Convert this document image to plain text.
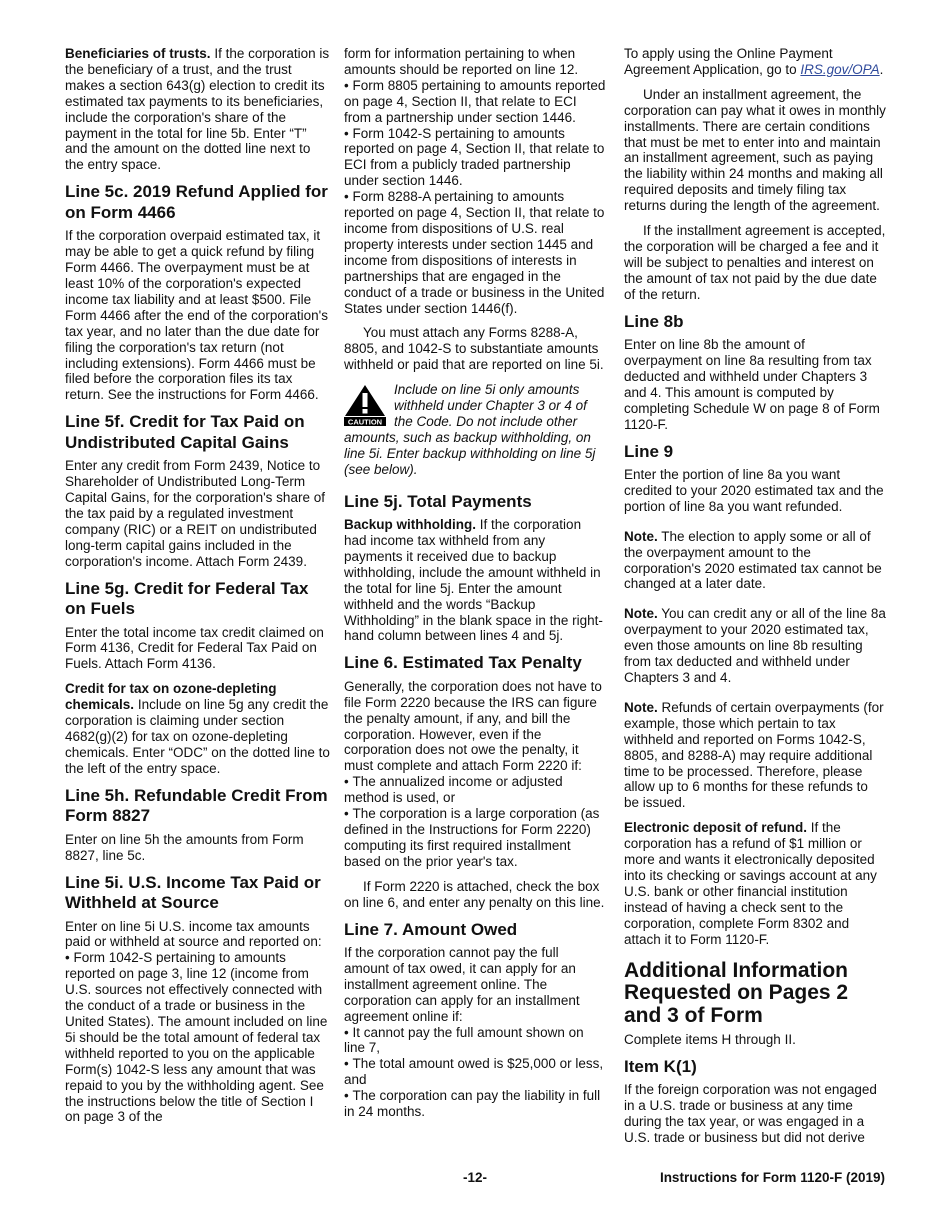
Beneficiaries of trusts. If the corporation is the beneficiary of a trust, and the trust makes a section 643(g) election to credit its estimated tax payments to its beneficiaries, include the corporation's share of the payment in the total for line 5b. Enter “T” and the amount on the dotted line next to the entry space.

Line 5c. 2019 Refund Applied for on Form 4466

If the corporation overpaid estimated tax, it may be able to get a quick refund by filing Form 4466. The overpayment must be at least 10% of the corporation's expected income tax liability and at least $500. File Form 4466 after the end of the corporation's tax year, and no later than the due date for filing the corporation's tax return (not including extensions). Form 4466 must be filed before the corporation files its tax return. See the instructions for Form 4466.

Line 5f. Credit for Tax Paid on Undistributed Capital Gains

Enter any credit from Form 2439, Notice to Shareholder of Undistributed Long-Term Capital Gains, for the corporation's share of the tax paid by a regulated investment company (RIC) or a REIT on undistributed long-term capital gains included in the corporation's income. Attach Form 2439.

Line 5g. Credit for Federal Tax on Fuels

Enter the total income tax credit claimed on Form 4136, Credit for Federal Tax Paid on Fuels. Attach Form 4136.

Credit for tax on ozone-depleting chemicals. Include on line 5g any credit the corporation is claiming under section 4682(g)(2) for tax on ozone-depleting chemicals. Enter “ODC” on the dotted line to the left of the entry space.

Line 5h. Refundable Credit From Form 8827

Enter on line 5h the amounts from Form 8827, line 5c.

Line 5i. U.S. Income Tax Paid or Withheld at Source

Enter on line 5i U.S. income tax amounts paid or withheld at source and reported on:

• Form 1042-S pertaining to amounts reported on page 3, line 12 (income from U.S. sources not effectively connected with the conduct of a trade or business in the United States). The amount included on line 5i should be the total amount of federal tax withheld reported to you on the applicable Form(s) 1042-S less any amount that was repaid to you by the withholding agent. See the instructions below the title of Section I on page 3 of the

form for information pertaining to when amounts should be reported on line 12.

• Form 8805 pertaining to amounts reported on page 4, Section II, that relate to ECI from a partnership under section 1446.

• Form 1042-S pertaining to amounts reported on page 4, Section II, that relate to ECI from a publicly traded partnership under section 1446.

• Form 8288-A pertaining to amounts reported on page 4, Section II, that relate to income from dispositions of U.S. real property interests under section 1445 and income from dispositions of interests in partnerships that are engaged in the conduct of a trade or business in the United States under section 1446(f).

You must attach any Forms 8288-A, 8805, and 1042-S to substantiate amounts withheld or paid that are reported on line 5i.

CAUTION
Include on line 5i only amounts withheld under Chapter 3 or 4 of the Code. Do not include other amounts, such as backup withholding, on line 5i. Enter backup withholding on line 5j (see below).
Line 5j. Total Payments

Backup withholding. If the corporation had income tax withheld from any payments it received due to backup withholding, include the amount withheld in the total for line 5j. Enter the amount withheld and the words “Backup Withholding” in the blank space in the right-hand column between lines 4 and 5j.

Line 6. Estimated Tax Penalty

Generally, the corporation does not have to file Form 2220 because the IRS can figure the penalty amount, if any, and bill the corporation. However, even if the corporation does not owe the penalty, it must complete and attach Form 2220 if:

• The annualized income or adjusted method is used, or

• The corporation is a large corporation (as defined in the Instructions for Form 2220) computing its first required installment based on the prior year's tax.

If Form 2220 is attached, check the box on line 6, and enter any penalty on this line.

Line 7. Amount Owed

If the corporation cannot pay the full amount of tax owed, it can apply for an installment agreement online. The corporation can apply for an installment agreement online if:

• It cannot pay the full amount shown on line 7,

• The total amount owed is $25,000 or less, and

• The corporation can pay the liability in full in 24 months.

To apply using the Online Payment Agreement Application, go to IRS.gov/OPA.

Under an installment agreement, the corporation can pay what it owes in monthly installments. There are certain conditions that must be met to enter into and maintain an installment agreement, such as paying the liability within 24 months and making all required deposits and timely filing tax returns during the length of the agreement.

If the installment agreement is accepted, the corporation will be charged a fee and it will be subject to penalties and interest on the amount of tax not paid by the due date of the return.

Line 8b

Enter on line 8b the amount of overpayment on line 8a resulting from tax deducted and withheld under Chapters 3 and 4. This amount is computed by completing Schedule W on page 8 of Form 1120-F.

Line 9

Enter the portion of line 8a you want credited to your 2020 estimated tax and the portion of line 8a you want refunded.

Note. The election to apply some or all of the overpayment amount to the corporation's 2020 estimated tax cannot be changed at a later date.

Note. You can credit any or all of the line 8a overpayment to your 2020 estimated tax, even those amounts on line 8b resulting from tax deducted and withheld under Chapters 3 and 4.

Note. Refunds of certain overpayments (for example, those which pertain to tax withheld and reported on Forms 1042-S, 8805, and 8288-A) may require additional time to be processed. Therefore, please allow up to 6 months for these refunds to be issued.

Electronic deposit of refund. If the corporation has a refund of $1 million or more and wants it electronically deposited into its checking or savings account at any U.S. bank or other financial institution instead of having a check sent to the corporation, complete Form 8302 and attach it to Form 1120-F.

Additional Information Requested on Pages 2 and 3 of Form

Complete items H through II.

Item K(1)

If the foreign corporation was not engaged in a U.S. trade or business at any time during the tax year, or was engaged in a U.S. trade or business but did not derive

-12-	Instructions for Form 1120-F (2019)
